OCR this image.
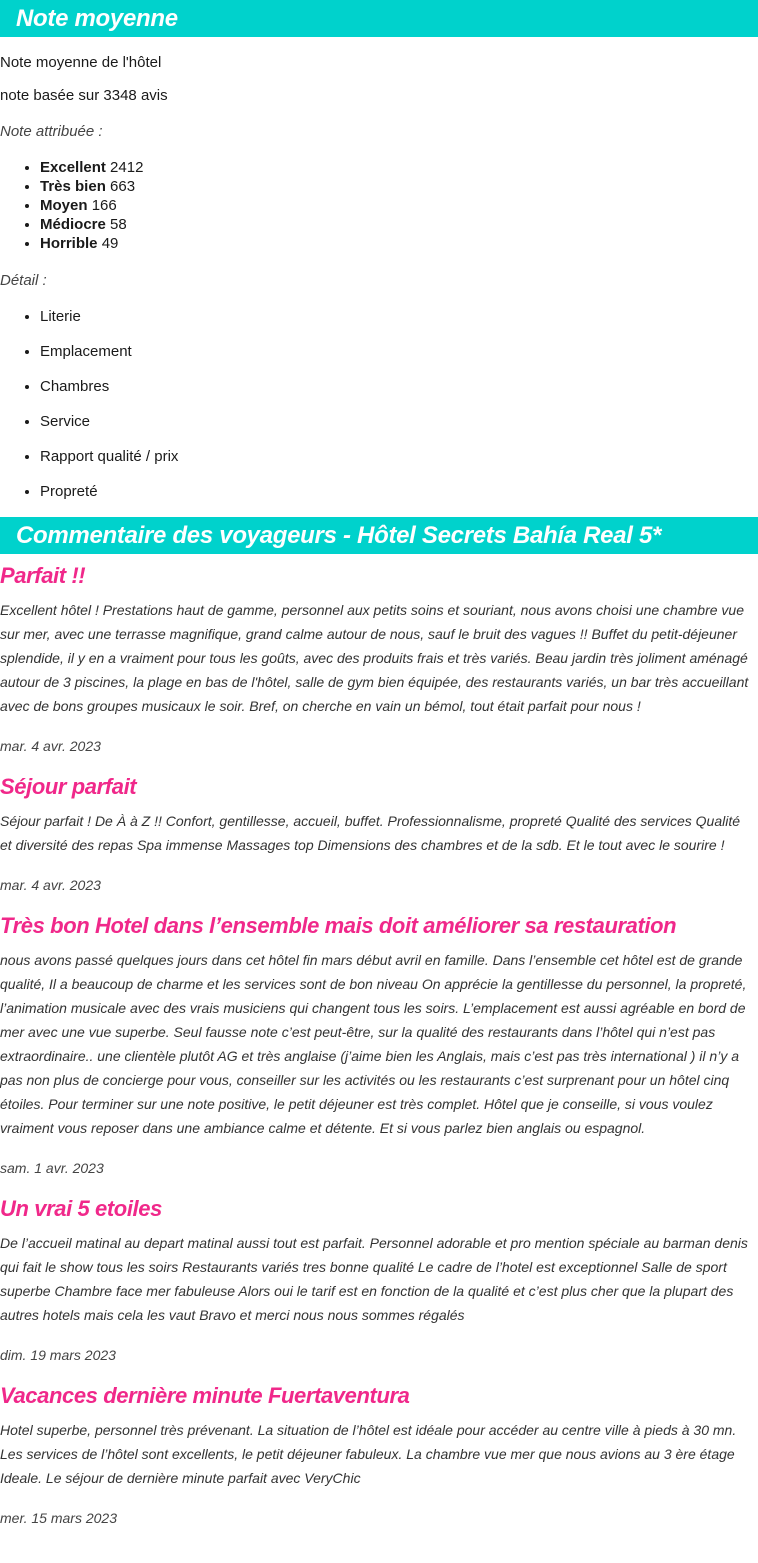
Note moyenne

Note moyenne de l'hôtel

note basée sur 3348 avis

Note attribuée :

• Excellent 2412
• Très bien 663
• Moyen 166
• Médiocre 58
• Horrible 49

Détail :

• Literie
• Emplacement
• Chambres
• Service
• Rapport qualité / prix
• Propreté
Commentaire des voyageurs - Hôtel Secrets Bahía Real 5*
Parfait !!

Excellent hôtel ! Prestations haut de gamme, personnel aux petits soins et souriant, nous avons choisi une chambre vue sur mer, avec une terrasse magnifique, grand calme autour de nous, sauf le bruit des vagues !! Buffet du petit-déjeuner splendide, il y en a vraiment pour tous les goûts, avec des produits frais et très variés. Beau jardin très joliment aménagé autour de 3 piscines, la plage en bas de l'hôtel, salle de gym bien équipée, des restaurants variés, un bar très accueillant avec de bons groupes musicaux le soir. Bref, on cherche en vain un bémol, tout était parfait pour nous !

mar. 4 avr. 2023

Séjour parfait

Séjour parfait ! De À à Z !! Confort, gentillesse, accueil, buffet. Professionnalisme, propreté Qualité des services Qualité et diversité des repas Spa immense Massages top Dimensions des chambres et de la sdb. Et le tout avec le sourire !

mar. 4 avr. 2023

Très bon Hotel dans l’ensemble mais doit améliorer sa restauration

nous avons passé quelques jours dans cet hôtel fin mars début avril en famille. Dans l’ensemble cet hôtel est de grande qualité, Il a beaucoup de charme et les services sont de bon niveau On apprécie la gentillesse du personnel, la propreté, l’animation musicale avec des vrais musiciens qui changent tous les soirs. L’emplacement est aussi agréable en bord de mer avec une vue superbe. Seul fausse note c’est peut-être, sur la qualité des restaurants dans l’hôtel qui n’est pas extraordinaire.. une clientèle plutôt AG et très anglaise (j’aime bien les Anglais, mais c’est pas très international ) il n’y a pas non plus de concierge pour vous, conseiller sur les activités ou les restaurants c’est surprenant pour un hôtel cinq étoiles. Pour terminer sur une note positive, le petit déjeuner est très complet. Hôtel que je conseille, si vous voulez vraiment vous reposer dans une ambiance calme et détente. Et si vous parlez bien anglais ou espagnol.

sam. 1 avr. 2023

Un vrai 5 etoiles

De l’accueil matinal au depart matinal aussi tout est parfait. Personnel adorable et pro mention spéciale au barman denis qui fait le show tous les soirs Restaurants variés tres bonne qualité Le cadre de l’hotel est exceptionnel Salle de sport superbe Chambre face mer fabuleuse Alors oui le tarif est en fonction de la qualité et c’est plus cher que la plupart des autres hotels mais cela les vaut Bravo et merci nous nous sommes régalés

dim. 19 mars 2023

Vacances dernière minute Fuertaventura

Hotel superbe, personnel très prévenant. La situation de l’hôtel est idéale pour accéder au centre ville à pieds à 30 mn. Les services de l’hôtel sont excellents, le petit déjeuner fabuleux. La chambre vue mer que nous avions au 3 ère étage Ideale. Le séjour de dernière minute parfait avec VeryChic

mer. 15 mars 2023
